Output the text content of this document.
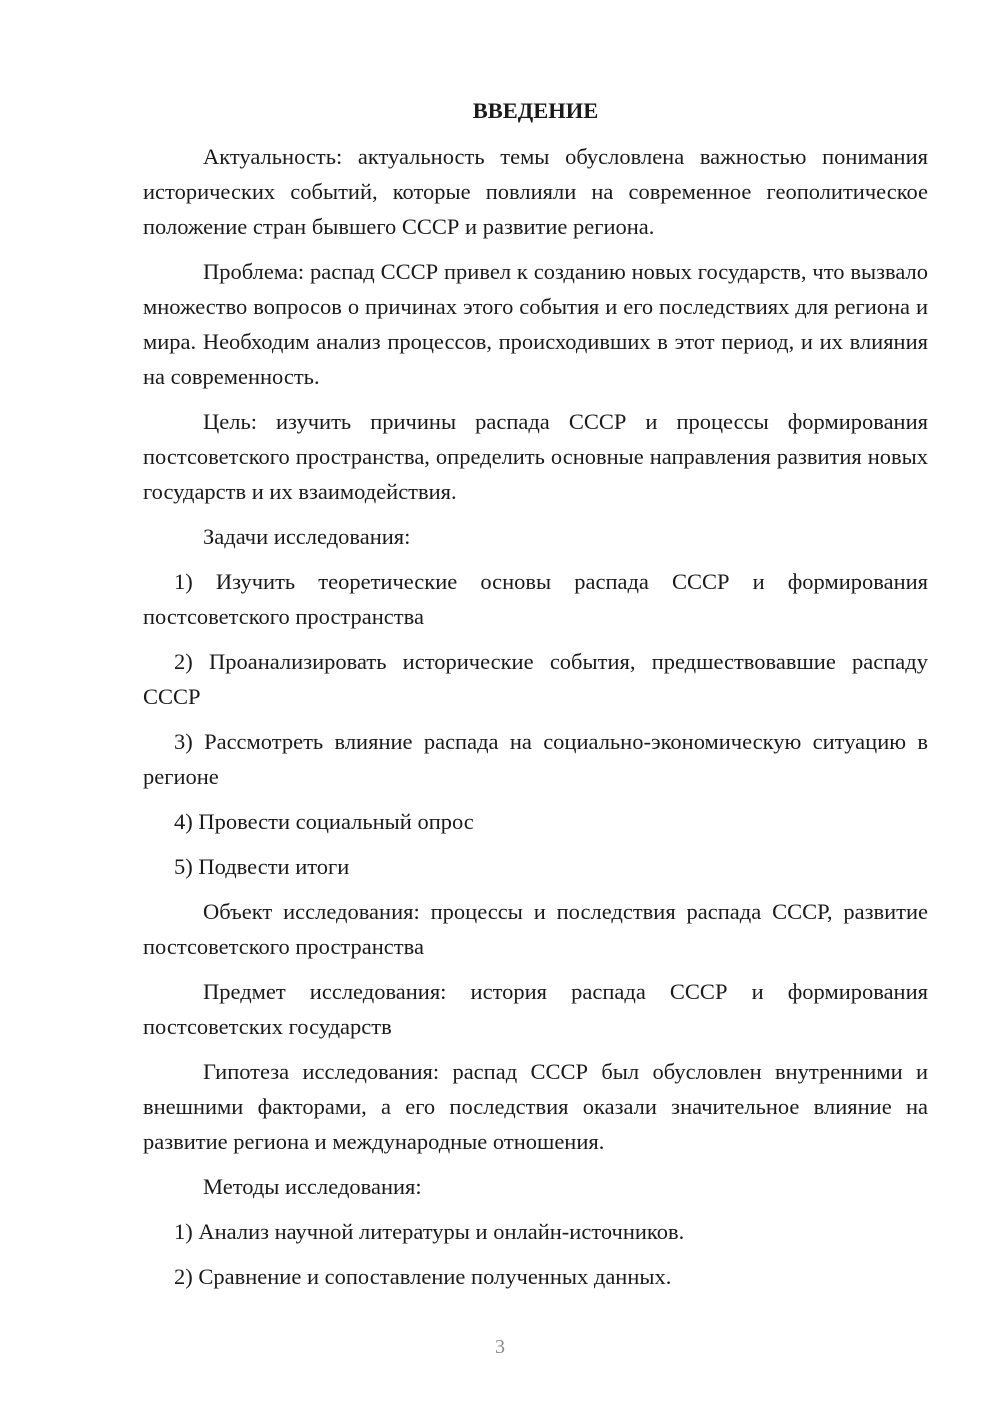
ВВЕДЕНИЕ
Актуальность: актуальность темы обусловлена важностью понимания исторических событий, которые повлияли на современное геополитическое положение стран бывшего СССР и развитие региона.
Проблема: распад СССР привел к созданию новых государств, что вызвало множество вопросов о причинах этого события и его последствиях для региона и мира. Необходим анализ процессов, происходивших в этот период, и их влияния на современность.
Цель: изучить причины распада СССР и процессы формирования постсоветского пространства, определить основные направления развития новых государств и их взаимодействия.
Задачи исследования:
1) Изучить теоретические основы распада СССР и формирования постсоветского пространства
2) Проанализировать исторические события, предшествовавшие распаду СССР
3) Рассмотреть влияние распада на социально-экономическую ситуацию в регионе
4) Провести социальный опрос
5) Подвести итоги
Объект исследования: процессы и последствия распада СССР, развитие постсоветского пространства
Предмет исследования: история распада СССР и формирования постсоветских государств
Гипотеза исследования: распад СССР был обусловлен внутренними и внешними факторами, а его последствия оказали значительное влияние на развитие региона и международные отношения.
Методы исследования:
1) Анализ научной литературы и онлайн-источников.
2) Сравнение и сопоставление полученных данных.
3
